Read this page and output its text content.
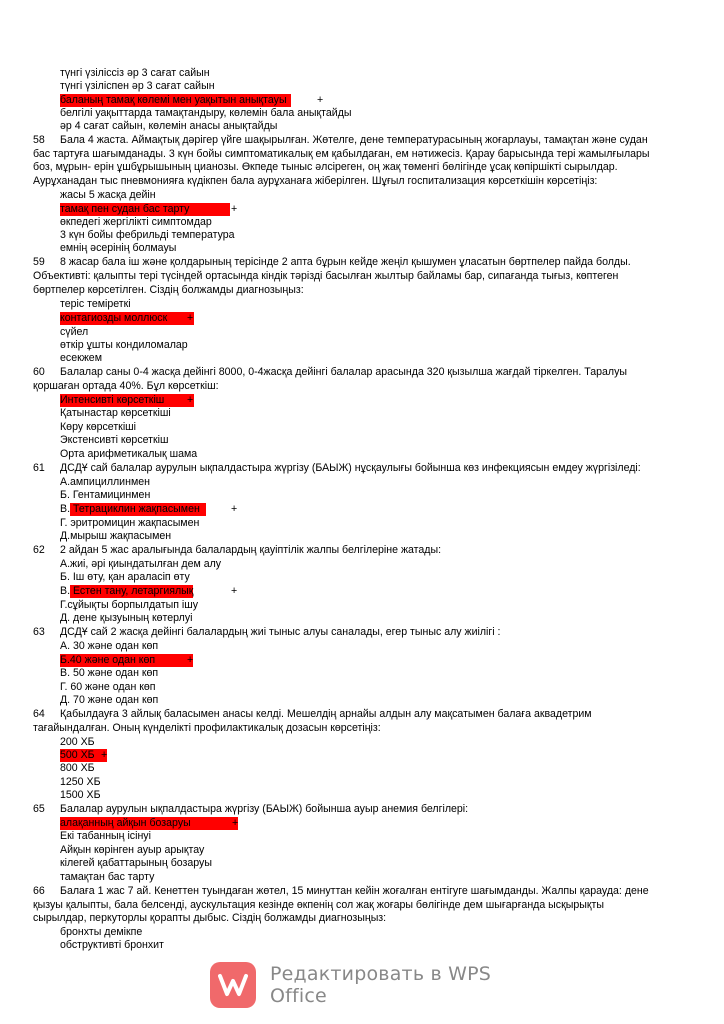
түнгі үзіліссіз әр 3 сағат сайын
түнгі үзіліспен әр 3 сағат сайын
баланың тамақ көлемі мен уақытын анықтауы	+
белгілі уақыттарда тамақтандыру, көлемін бала анықтайды
әр 4 сағат сайын, көлемін анасы анықтайды
58 Бала 4 жаста. Аймақтық дәрігер үйге шақырылған. Жөтелге, дене температурасының жоғарлауы, тамақтан және судан
бас тартуға шағымданады. 3 күн бойы симптоматикалық ем қабылдаған, ем нәтижесіз. Қарау барысында тері жамылғылары
боз, мұрын- ерін ұшбұрышының цианозы. Өкпеде тыныс әлсіреген, оң жақ төменгі бөлігінде ұсақ көпіршікті сырылдар.
Аурұханадан тыс пневмонияға күдікпен бала аурұханаға жіберілген. Шұғыл госпитализация көрсеткішін көрсетіңіз:
жасы 5 жасқа дейін
тамақ пен судан бас тарту	+
өкпедегі жергілікті симптомдар
3 күн бойы фебрильді температура
емнің әсерінің болмауы
59 8 жасар бала іш және қолдарының терісінде 2 апта бұрын кейде жеңіл қышумен ұласатын бөртпелер пайда болды.
Объективті: қалыпты тері түсіндей ортасында кіндік тәрізді басылған жылтыр байламы бар, сипағанда тығыз, көптеген
бөртпелер көрсетілген. Сіздің болжамды диагнозыңыз:
теріс теміреткі
контагиозды моллюск	+
сүйел
өткір ұшты кондиломалар
есекжем
60 Балалар саны 0-4 жасқа дейінгі 8000, 0-4жасқа дейінгі балалар арасында 320 қызылша жағдай тіркелген. Таралуы
қоршаған ортада 40%. Бұл көрсеткіш:
Интенсивті көрсеткіш	+
Қатынастар көрсеткіші
Көру көрсеткіші
Экстенсивті көрсеткіш
Орта арифметикалық шама
61 ДСДҰ сай балалар аурулын ықпалдастыра жүргізу (БАЫЖ) нұсқаулығы бойынша көз инфекциясын емдеу жүргізіледі:
А.ампициллинмен
Б. Гентамицинмен
В. Тетрациклин жақпасымен	+
Г. эритромицин жақпасымен
Д.мырыш жақпасымен
62 2 айдан 5 жас аралығында балалардың қауіптілік жалпы белгілеріне жатады:
А.жиі, әрі қиындатылған дем алу
Б. Іш өту, қан араласіп өту
В. Естен тану, летаргиялық	+
Г.сұйықты борпылдатып ішу
Д. дене қызуының көтерлуі
63 ДСДҰ сай 2 жасқа дейінгі балалардың жиі тыныс алуы саналады, егер тыныс алу жиілігі :
А. 30 және одан көп
Б.40 және одан көп	+
В. 50 және одан көп
Г. 60 және одан көп
Д. 70 және одан көп
64 Қабылдауға 3 айлық баласымен анасы келді. Мешелдің арнайы алдын алу мақсатымен балаға аквадетрим
тағайындалған. Оның күнделікті профилактикалық дозасын көрсетіңіз:
200 ХБ
500 ХБ +
800 ХБ
1250 ХБ
1500 ХБ
65 Балалар аурулын ықпалдастыра жүргізу (БАЫЖ) бойынша ауыр анемия белгілері:
алақанның айқын бозаруы	+
Екі табанның ісінуі
Айқын көрінген ауыр арықтау
кілегей қабаттарының бозаруы
тамақтан бас тарту
66 Балаға 1 жас 7 ай. Кенеттен туындаған жөтел, 15 минуттан кейін жоғалған ентігуге шағымданды. Жалпы қарауда: дене
қызуы қалыпты, бала белсенді, аускультация кезінде өкпенің сол жақ жоғары бөлігінде дем шығарғанда ысқырықты
сырылдар, перкуторлы қорапты дыбыс. Сіздің болжамды диагнозыңыз:
бронхты демікпе
обструктивті бронхит
Редактировать в WPS Office
